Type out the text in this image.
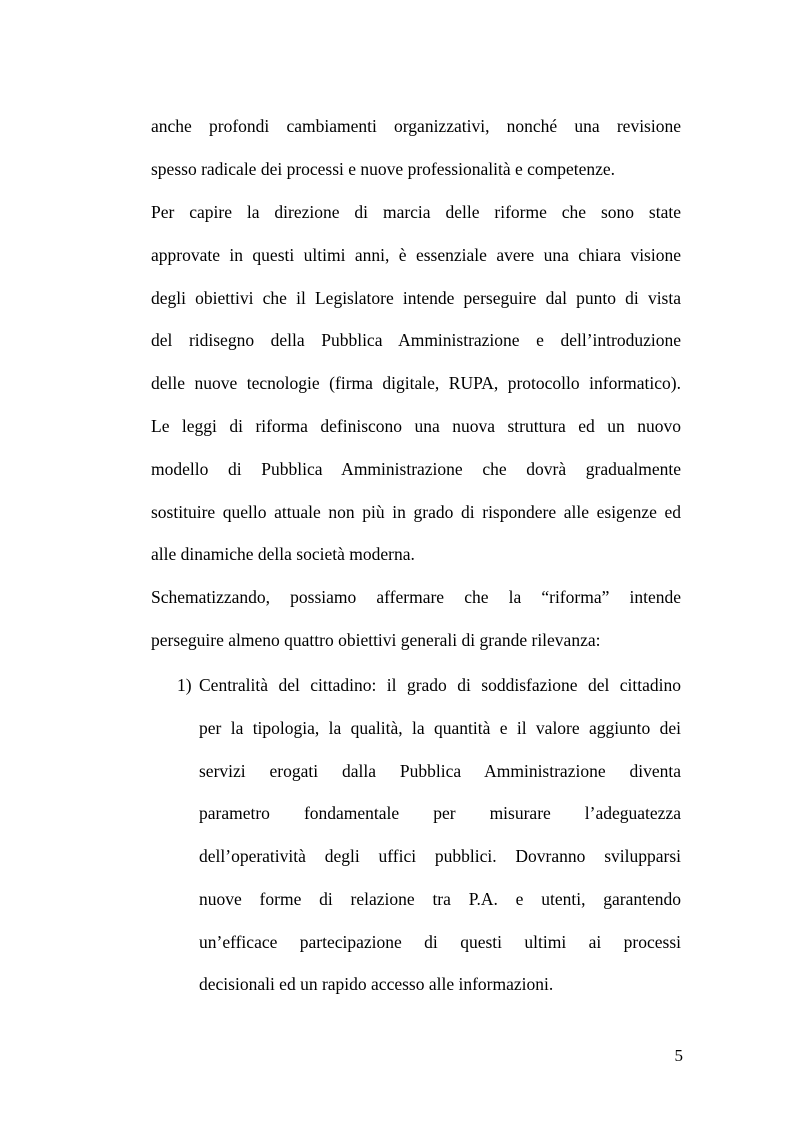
anche profondi cambiamenti organizzativi, nonché una revisione
spesso radicale dei processi e nuove professionalità e competenze.
Per capire la direzione di marcia delle riforme che sono state
approvate in questi ultimi anni, è essenziale avere una chiara visione
degli obiettivi che il Legislatore intende perseguire dal punto di vista
del ridisegno della Pubblica Amministrazione e dell’introduzione
delle nuove tecnologie (firma digitale, RUPA, protocollo informatico).
Le leggi di riforma definiscono una nuova struttura ed un nuovo
modello di Pubblica Amministrazione che dovrà gradualmente
sostituire quello attuale non più in grado di rispondere alle esigenze ed
alle dinamiche della società moderna.
Schematizzando, possiamo affermare che la “riforma” intende
perseguire almeno quattro obiettivi generali di grande rilevanza:
1) Centralità del cittadino: il grado di soddisfazione del cittadino
per la tipologia, la qualità, la quantità e il valore aggiunto dei
servizi erogati dalla Pubblica Amministrazione diventa
parametro fondamentale per misurare l’adeguatezza
dell’operatività degli uffici pubblici. Dovranno svilupparsi
nuove forme di relazione tra P.A. e utenti, garantendo
un’efficace partecipazione di questi ultimi ai processi
decisionali ed un rapido accesso alle informazioni.
5
